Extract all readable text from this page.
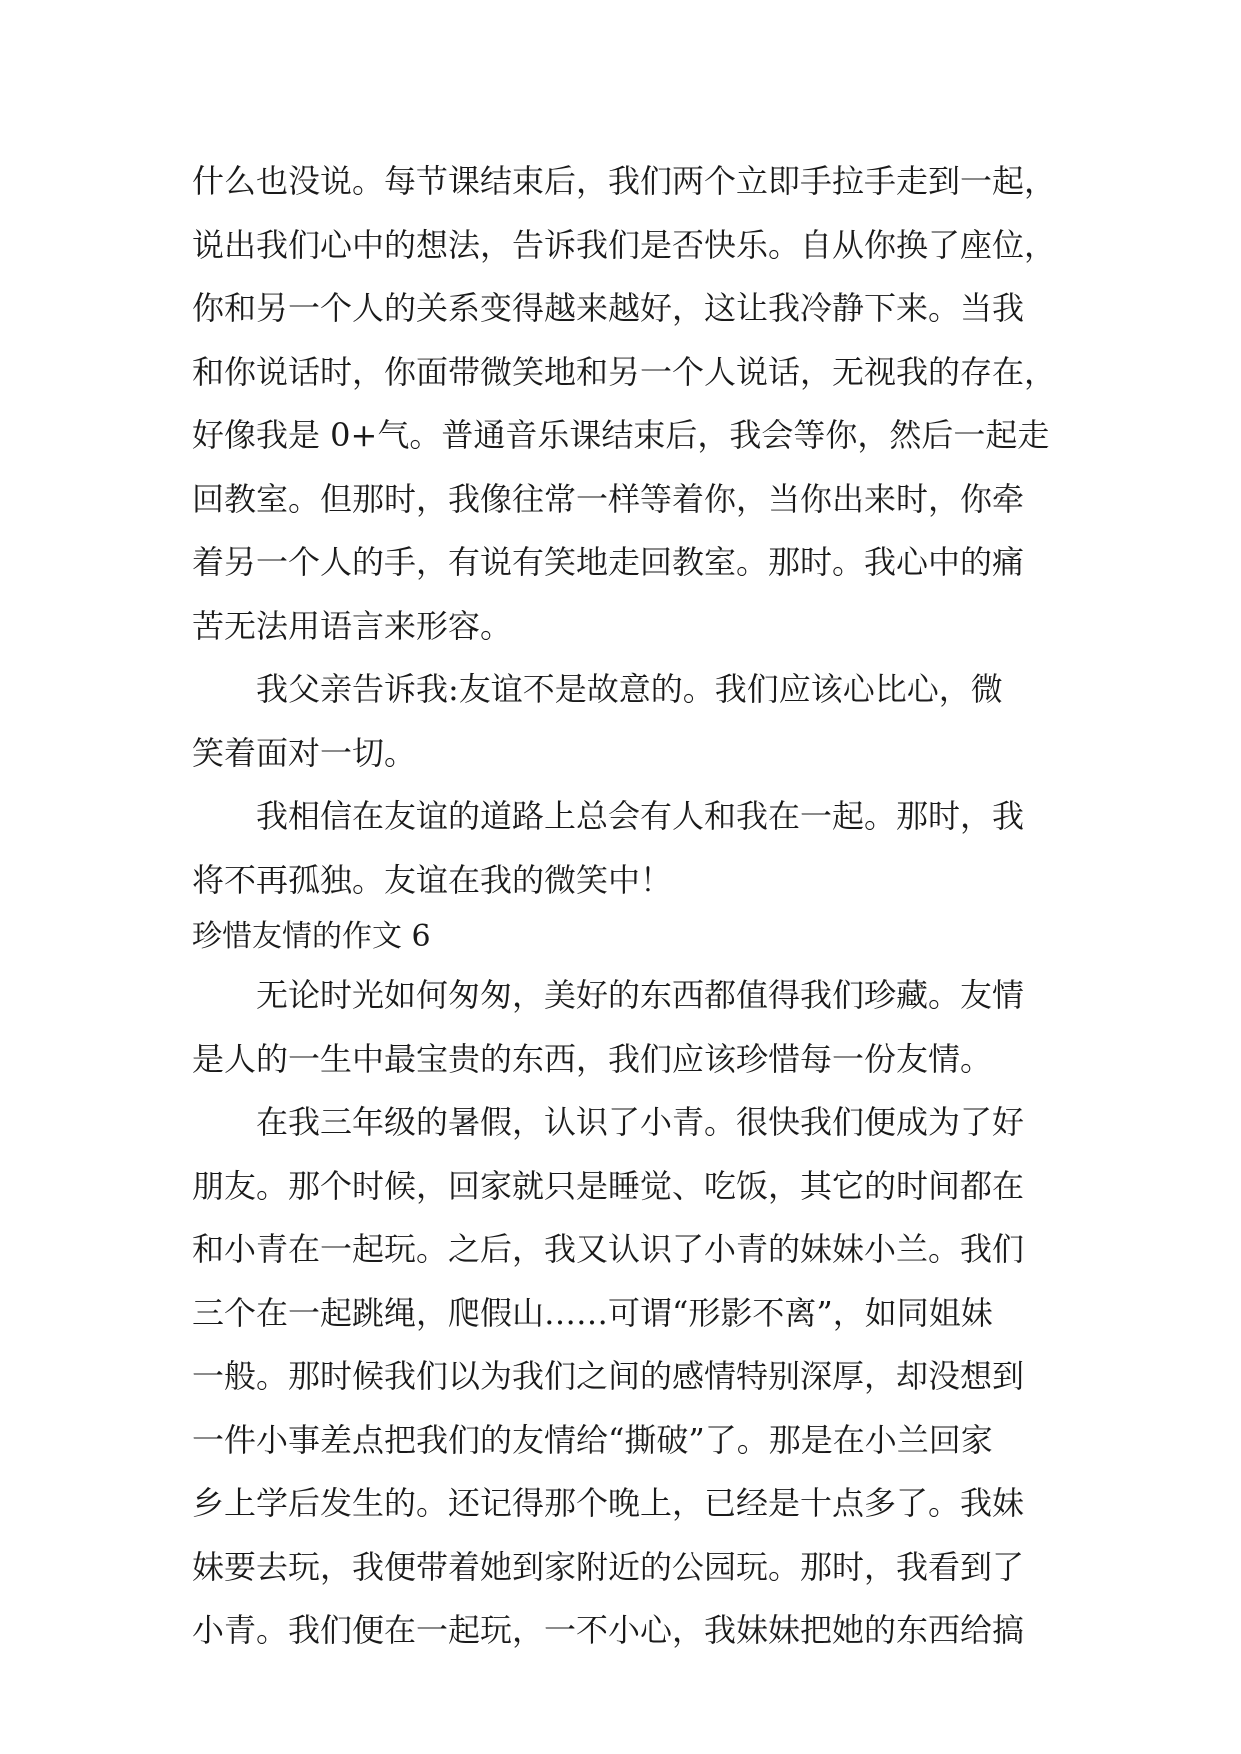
什么也没说。每节课结束后，我们两个立即手拉手走到一起，
说出我们心中的想法，告诉我们是否快乐。自从你换了座位，
你和另一个人的关系变得越来越好，这让我冷静下来。当我
和你说话时，你面带微笑地和另一个人说话，无视我的存在，
好像我是 0+气。普通音乐课结束后，我会等你，然后一起走
回教室。但那时，我像往常一样等着你，当你出来时，你牵
着另一个人的手，有说有笑地走回教室。那时。我心中的痛
苦无法用语言来形容。
我父亲告诉我:友谊不是故意的。我们应该心比心，微
笑着面对一切。
我相信在友谊的道路上总会有人和我在一起。那时，我
将不再孤独。友谊在我的微笑中！
珍惜友情的作文 6
无论时光如何匆匆，美好的东西都值得我们珍藏。友情
是人的一生中最宝贵的东西，我们应该珍惜每一份友情。
在我三年级的暑假，认识了小青。很快我们便成为了好
朋友。那个时候，回家就只是睡觉、吃饭，其它的时间都在
和小青在一起玩。之后，我又认识了小青的妹妹小兰。我们
三个在一起跳绳，爬假山……可谓“形影不离”，如同姐妹
一般。那时候我们以为我们之间的感情特别深厚，却没想到
一件小事差点把我们的友情给“撕破”了。那是在小兰回家
乡上学后发生的。还记得那个晚上，已经是十点多了。我妹
妹要去玩，我便带着她到家附近的公园玩。那时，我看到了
小青。我们便在一起玩，一不小心，我妹妹把她的东西给搞
